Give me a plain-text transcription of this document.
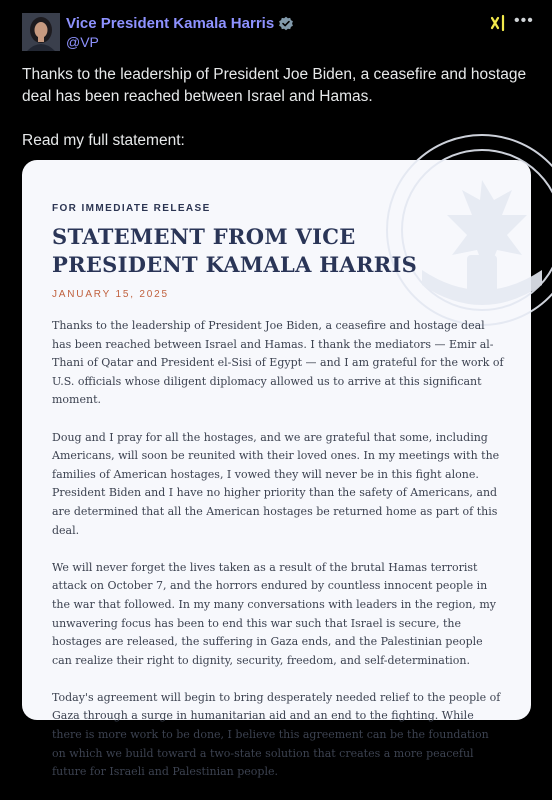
Vice President Kamala Harris
@VP
•••

Thanks to the leadership of President Joe Biden, a ceasefire and hostage deal has been reached between Israel and Hamas.

Read my full statement:

FOR IMMEDIATE RELEASE

STATEMENT FROM VICE PRESIDENT KAMALA HARRIS

JANUARY 15, 2025

Thanks to the leadership of President Joe Biden, a ceasefire and hostage deal has been reached between Israel and Hamas. I thank the mediators — Emir al-Thani of Qatar and President el-Sisi of Egypt — and I am grateful for the work of U.S. officials whose diligent diplomacy allowed us to arrive at this significant moment.

Doug and I pray for all the hostages, and we are grateful that some, including Americans, will soon be reunited with their loved ones. In my meetings with the families of American hostages, I vowed they will never be in this fight alone. President Biden and I have no higher priority than the safety of Americans, and are determined that all the American hostages be returned home as part of this deal.

We will never forget the lives taken as a result of the brutal Hamas terrorist attack on October 7, and the horrors endured by countless innocent people in the war that followed. In my many conversations with leaders in the region, my unwavering focus has been to end this war such that Israel is secure, the hostages are released, the suffering in Gaza ends, and the Palestinian people can realize their right to dignity, security, freedom, and self-determination.

Today's agreement will begin to bring desperately needed relief to the people of Gaza through a surge in humanitarian aid and an end to the fighting. While there is more work to be done, I believe this agreement can be the foundation on which we build toward a two-state solution that creates a more peaceful future for Israeli and Palestinian people.
